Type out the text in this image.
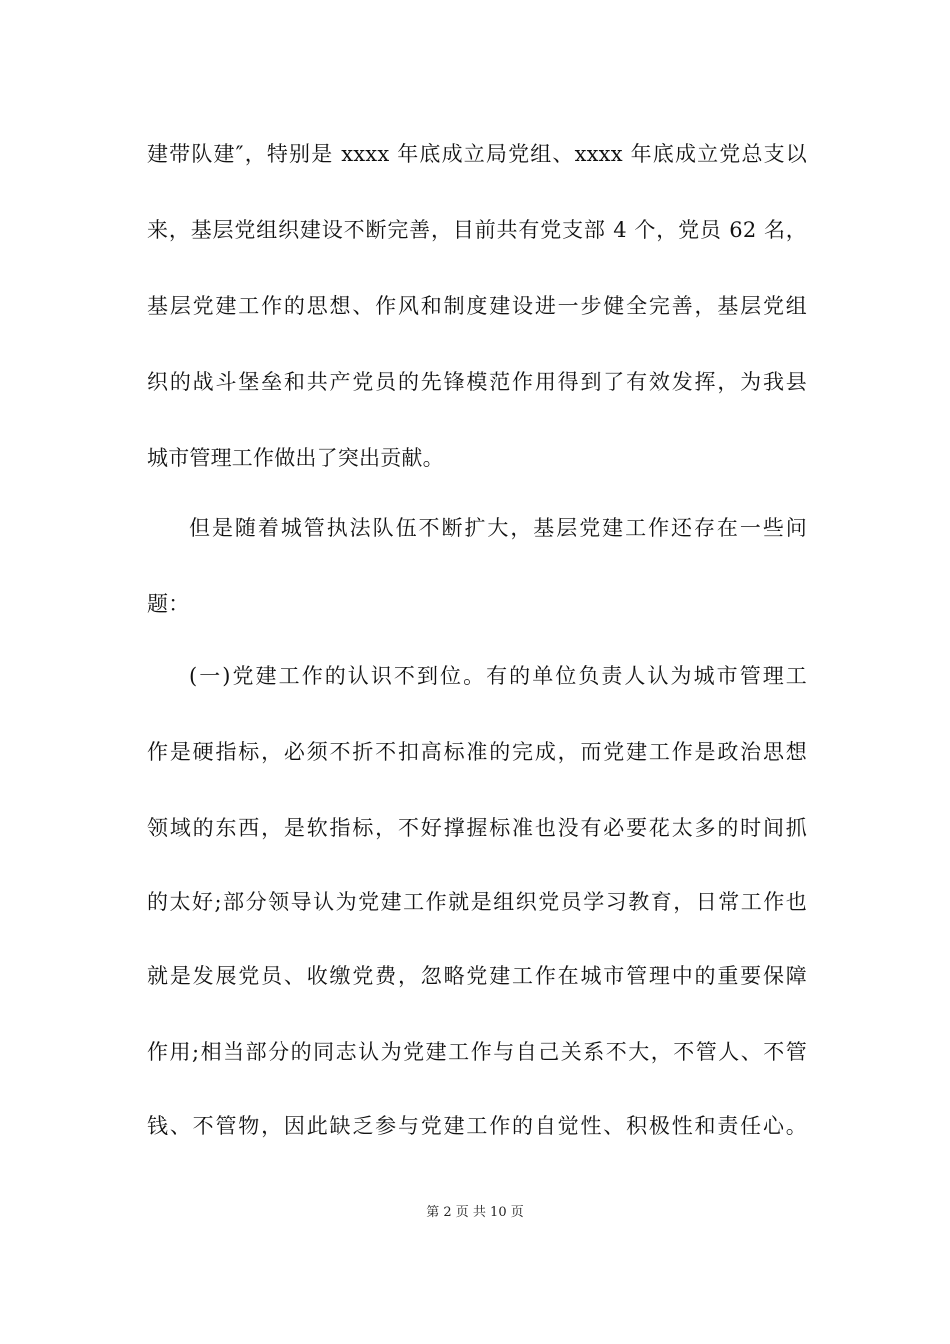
建带队建″，特别是 xxxx 年底成立局党组、xxxx 年底成立党总支以
来，基层党组织建设不断完善，目前共有党支部 4 个，党员 62 名，
基层党建工作的思想、作风和制度建设进一步健全完善，基层党组
织的战斗堡垒和共产党员的先锋模范作用得到了有效发挥，为我县
城市管理工作做出了突出贡献。
但是随着城管执法队伍不断扩大，基层党建工作还存在一些问
题：
(一)党建工作的认识不到位。有的单位负责人认为城市管理工
作是硬指标，必须不折不扣高标准的完成，而党建工作是政治思想
领域的东西，是软指标，不好撑握标准也没有必要花太多的时间抓
的太好;部分领导认为党建工作就是组织党员学习教育，日常工作也
就是发展党员、收缴党费，忽略党建工作在城市管理中的重要保障
作用;相当部分的同志认为党建工作与自己关系不大，不管人、不管
钱、不管物，因此缺乏参与党建工作的自觉性、积极性和责任心。
第 2 页 共 10 页
